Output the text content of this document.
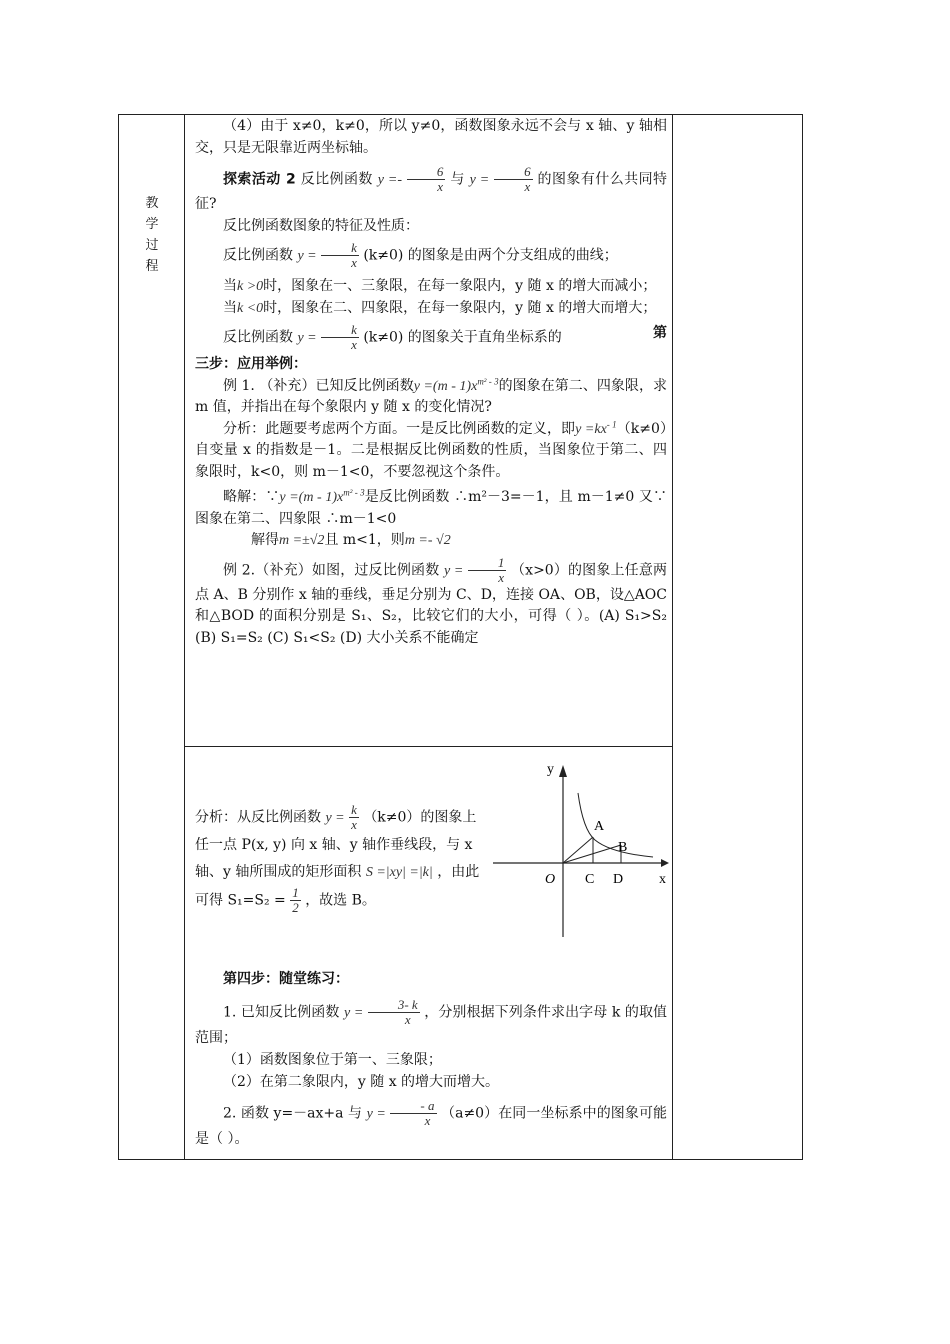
教学过程

（4）由于 x≠0，k≠0，所以 y≠0，函数图象永远不会与 x 轴、y 轴相交，只是无限靠近两坐标轴。

探索活动 2 反比例函数 $y =- \frac{6}{x}$ 与 $y = \frac{6}{x}$ 的图象有什么共同特征?

反比例函数图象的特征及性质：

反比例函数 $y = \frac{k}{x} (k\ne 0)$ 的图象是由两个分支组成的曲线；

当k >0时，图象在一、三象限，在每一象限内，y 随 x 的增大而减小；

当k <0时，图象在二、四象限，在每一象限内，y 随 x 的增大而增大；

反比例函数 $y = \frac{k}{x} (k\ne 0)$ 的图象关于直角坐标系的	第

三步：应用举例：

例 1. （补充）已知反比例函数$y =(m - 1)x^{m^2 - 3}$的图象在第二、四象限，求 m 值，并指出在每个象限内 y 随 x 的变化情况?

分析：此题要考虑两个方面。一是反比例函数的定义，即$y =kx^{- 1}(k\ne 0)$自变量 x 的指数是－1。二是根据反比例函数的性质，当图象位于第二、四象限时，k<0，则 m－1<0，不要忽视这个条件。

略解：∵y $=(m - 1)x^{m^2 - 3}$是反比例函数 ∴m²－3=－1，且 m－1≠0 又∵图象在第二、四象限 ∴m－1<0

解得m =±√2且 m<1，则m =- √2

例 2.（补充）如图，过反比例函数 $y = \frac{1}{x} (x>0)$的图象上任意两点 A、B 分别作 x 轴的垂线，垂足分别为 C、D，连接 OA、OB，设△AOC 和△BOD 的面积分别是 S₁、S₂，比较它们的大小，可得（ ）。(A) S₁>S₂ (B) S₁=S₂ (C) S₁<S₂ (D) 大小关系不能确定

分析：从反比例函数 $y = \frac{k}{x} (k\ne 0)$的图象上任一点 P(x, y) 向 x 轴、y 轴作垂线段，与 x 轴、y 轴所围成的矩形面积 S =|xy| =|k| ，由此可得 $S_1=S_2 = \frac{1}{2}$ ，故选 B。
y
x
O
A
B
C D

第四步：随堂练习：

1. 已知反比例函数 $y = \frac{3- k}{x}$ ，分别根据下列条件求出字母 k 的取值范围；

（1）函数图象位于第一、三象限；

（2）在第二象限内，y 随 x 的增大而增大。

2. 函数 y=－ax+a 与 $y = \frac{- a}{x} (a\ne 0)$在同一坐标系中的图象可能是（ ）。
